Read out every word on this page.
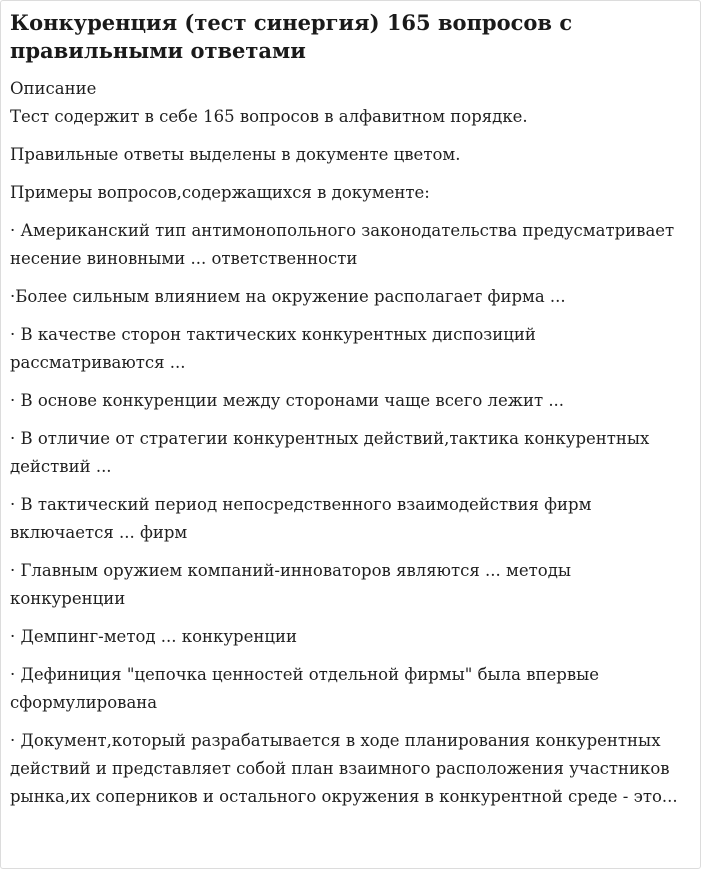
Конкуренция (тест синергия) 165 вопросов с правильными ответами
Описание

Тест содержит в себе 165 вопросов в алфавитном порядке.

Правильные ответы выделены в документе цветом.

Примеры вопросов,содержащихся в документе:

· Американский тип антимонопольного законодательства предусматривает несение виновными ... ответственности
·Более сильным влиянием на окружение располагает фирма ...
· В качестве сторон тактических конкурентных диспозиций рассматриваются ...
· В основе конкуренции между сторонами чаще всего лежит ...
· В отличие от стратегии конкурентных действий,тактика конкурентных действий ...
· В тактический период непосредственного взаимодействия фирм включается ... фирм
· Главным оружием компаний-инноваторов являются ... методы конкуренции
· Демпинг-метод ... конкуренции
· Дефиниция "цепочка ценностей отдельной фирмы" была впервые сформулирована
· Документ,который разрабатывается в ходе планирования конкурентных действий и представляет собой план взаимного расположения участников рынка,их соперников и остального окружения в конкурентной среде - это...
